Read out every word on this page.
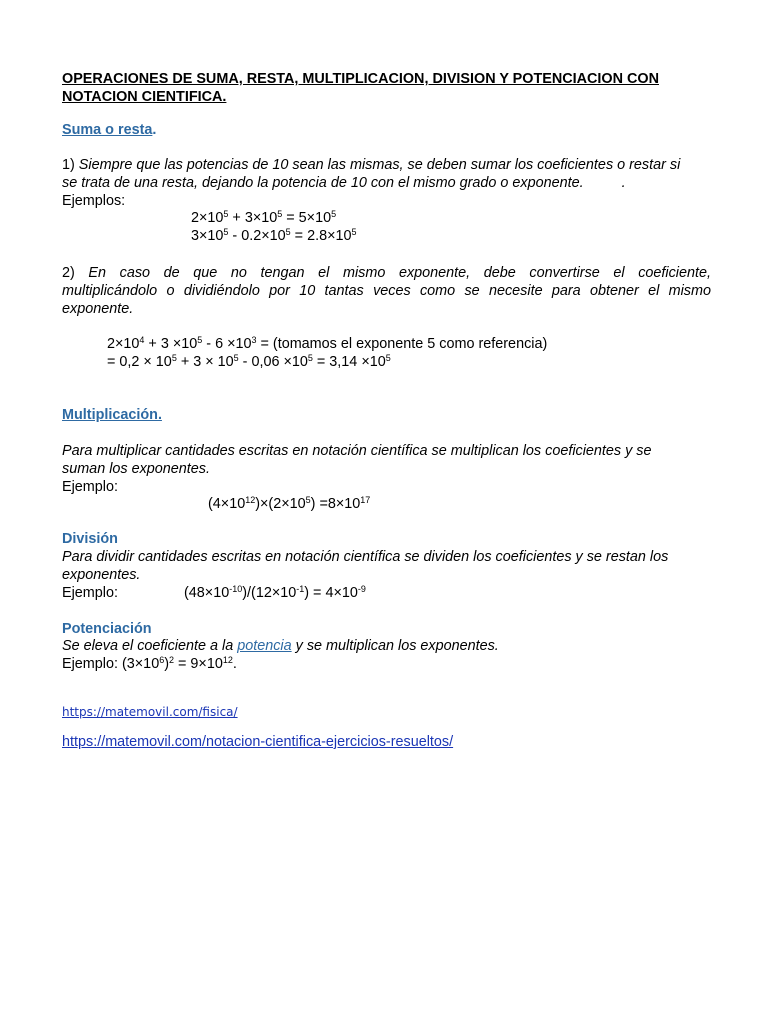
OPERACIONES DE SUMA, RESTA, MULTIPLICACION, DIVISION Y POTENCIACION CON
NOTACION CIENTIFICA.
Suma o resta.
1) Siempre que las potencias de 10 sean las mismas, se deben sumar los coeficientes o restar si
se trata de una resta, dejando la potencia de 10 con el mismo grado o exponente.	.
Ejemplos:
$2\times 10^5 + 3\times 10^5 = 5\times 10^5$
$3\times 10^5 - 0.2\times 10^5 = 2.8\times 10^5$
2) En caso de que no tengan el mismo exponente, debe convertirse el coeficiente,
multiplicándolo o dividiéndolo por 10 tantas veces como se necesite para obtener el mismo
exponente.
$2\times 10^4 + 3 \times 10^5 - 6 \times 10^3$ = (tomamos el exponente 5 como referencia)
= $0,2 \times 10^5 + 3 \times 10^5 - 0,06 \times 10^5 = 3,14 \times 10^5$
Multiplicación.
Para multiplicar cantidades escritas en notación científica se multiplican los coeficientes y se
suman los exponentes.
Ejemplo:
$(4\times 10^{12})\times(2\times 10^5) =8\times 10^{17}$
División
Para dividir cantidades escritas en notación científica se dividen los coeficientes y se restan los
exponentes.
Ejemplo:	$(48\times 10^{-10})/(12\times 10^{-1}) = 4\times 10^{-9}$
Potenciación
Se eleva el coeficiente a la potencia y se multiplican los exponentes.
Ejemplo: $(3\times 10^6)^2 = 9\times 10^{12}$.
https://matemovil.com/fisica/
https://matemovil.com/notacion-cientifica-ejercicios-resueltos/
